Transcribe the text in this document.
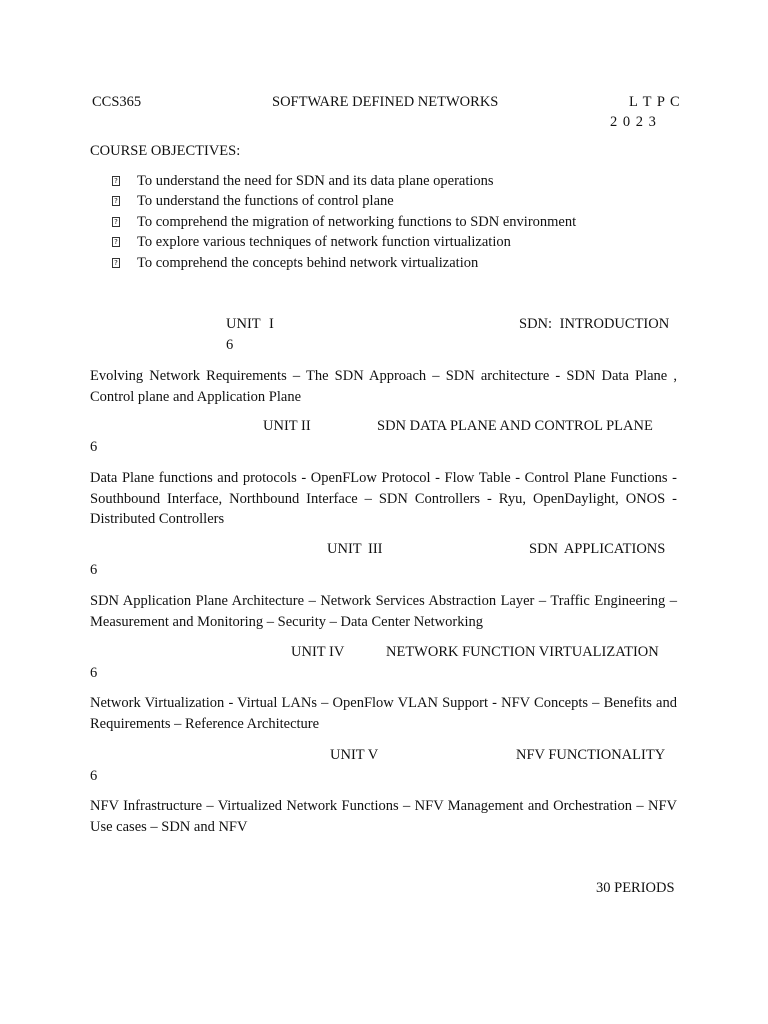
CCS365	SOFTWARE DEFINED NETWORKS	L T P C
2 0 2 3
COURSE OBJECTIVES:
?To understand the need for SDN and its data plane operations
?To understand the functions of control plane
?To comprehend the migration of networking functions to SDN environment
?To explore various techniques of network function virtualization
?To comprehend the concepts behind network virtualization
UNIT I	SDN: INTRODUCTION
6
Evolving Network Requirements – The SDN Approach – SDN architecture - SDN Data Plane , Control plane and Application Plane
UNIT II	SDN DATA PLANE AND CONTROL PLANE
6
Data Plane functions and protocols - OpenFLow Protocol - Flow Table - Control Plane Functions - Southbound Interface, Northbound Interface – SDN Controllers - Ryu, OpenDaylight, ONOS - Distributed Controllers
UNIT III	SDN APPLICATIONS
6
SDN Application Plane Architecture – Network Services Abstraction Layer – Traffic Engineering – Measurement and Monitoring – Security – Data Center Networking
UNIT IV	NETWORK FUNCTION VIRTUALIZATION
6
Network Virtualization - Virtual LANs – OpenFlow VLAN Support - NFV Concepts – Benefits and Requirements – Reference Architecture
UNIT V	NFV FUNCTIONALITY
6
NFV Infrastructure – Virtualized Network Functions – NFV Management and Orchestration – NFV Use cases – SDN and NFV
30 PERIODS
